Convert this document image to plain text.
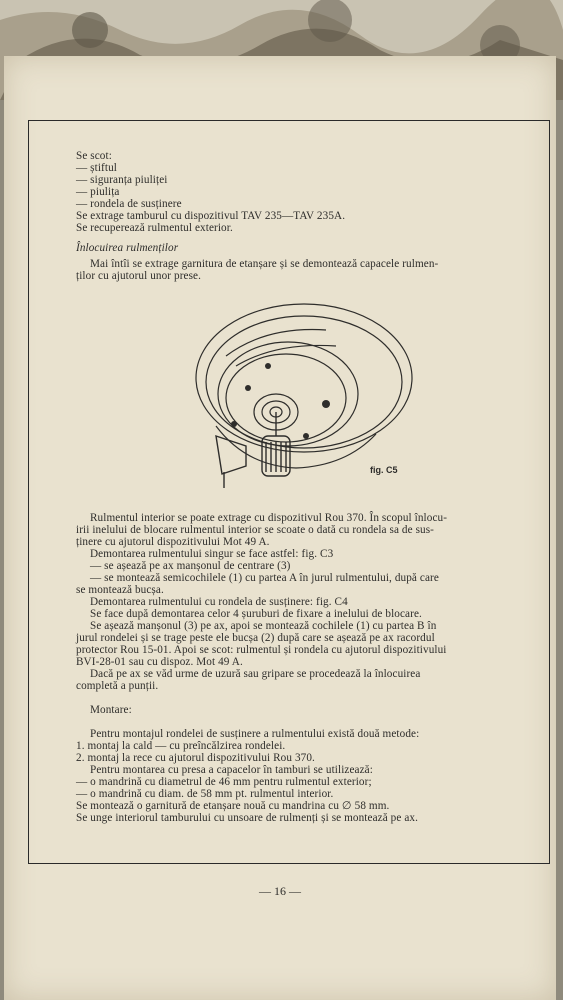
Se scot:

— știftul

— siguranța piuliței

— piulița

— rondela de susținere

Se extrage tamburul cu dispozitivul TAV 235—TAV 235A.

Se recuperează rulmentul exterior.

Înlocuirea rulmenților

Mai întîi se extrage garnitura de etanșare și se demontează capacele rulmen-

ților cu ajutorul unor prese.

fig. C5

Rulmentul interior se poate extrage cu dispozitivul Rou 370. În scopul înlocu-

irii inelului de blocare rulmentul interior se scoate o dată cu rondela sa de sus-

ținere cu ajutorul dispozitivului Mot 49 A.

Demontarea rulmentului singur se face astfel: fig. C3

— se așează pe ax manșonul de centrare (3)

— se montează semicochilele (1) cu partea A în jurul rulmentului, după care

se montează bucșa.

Demontarea rulmentului cu rondela de susținere: fig. C4

Se face după demontarea celor 4 șuruburi de fixare a inelului de blocare.

Se așează manșonul (3) pe ax, apoi se montează cochilele (1) cu partea B în

jurul rondelei și se trage peste ele bucșa (2) după care se așează pe ax racordul

protector Rou 15-01. Apoi se scot: rulmentul și rondela cu ajutorul dispozitivului

BVI-28-01 sau cu dispoz. Mot 49 A.

Dacă pe ax se văd urme de uzură sau gripare se procedează la înlocuirea

completă a punții.

Montare:

Pentru montajul rondelei de susținere a rulmentului există două metode:

1. montaj la cald — cu preîncălzirea rondelei.

2. montaj la rece cu ajutorul dispozitivului Rou 370.

Pentru montarea cu presa a capacelor în tamburi se utilizează:

— o mandrină cu diametrul de 46 mm pentru rulmentul exterior;

— o mandrină cu diam. de 58 mm pt. rulmentul interior.

Se montează o garnitură de etanșare nouă cu mandrina cu ∅ 58 mm.

Se unge interiorul tamburului cu unsoare de rulmenți și se montează pe ax.

— 16 —
